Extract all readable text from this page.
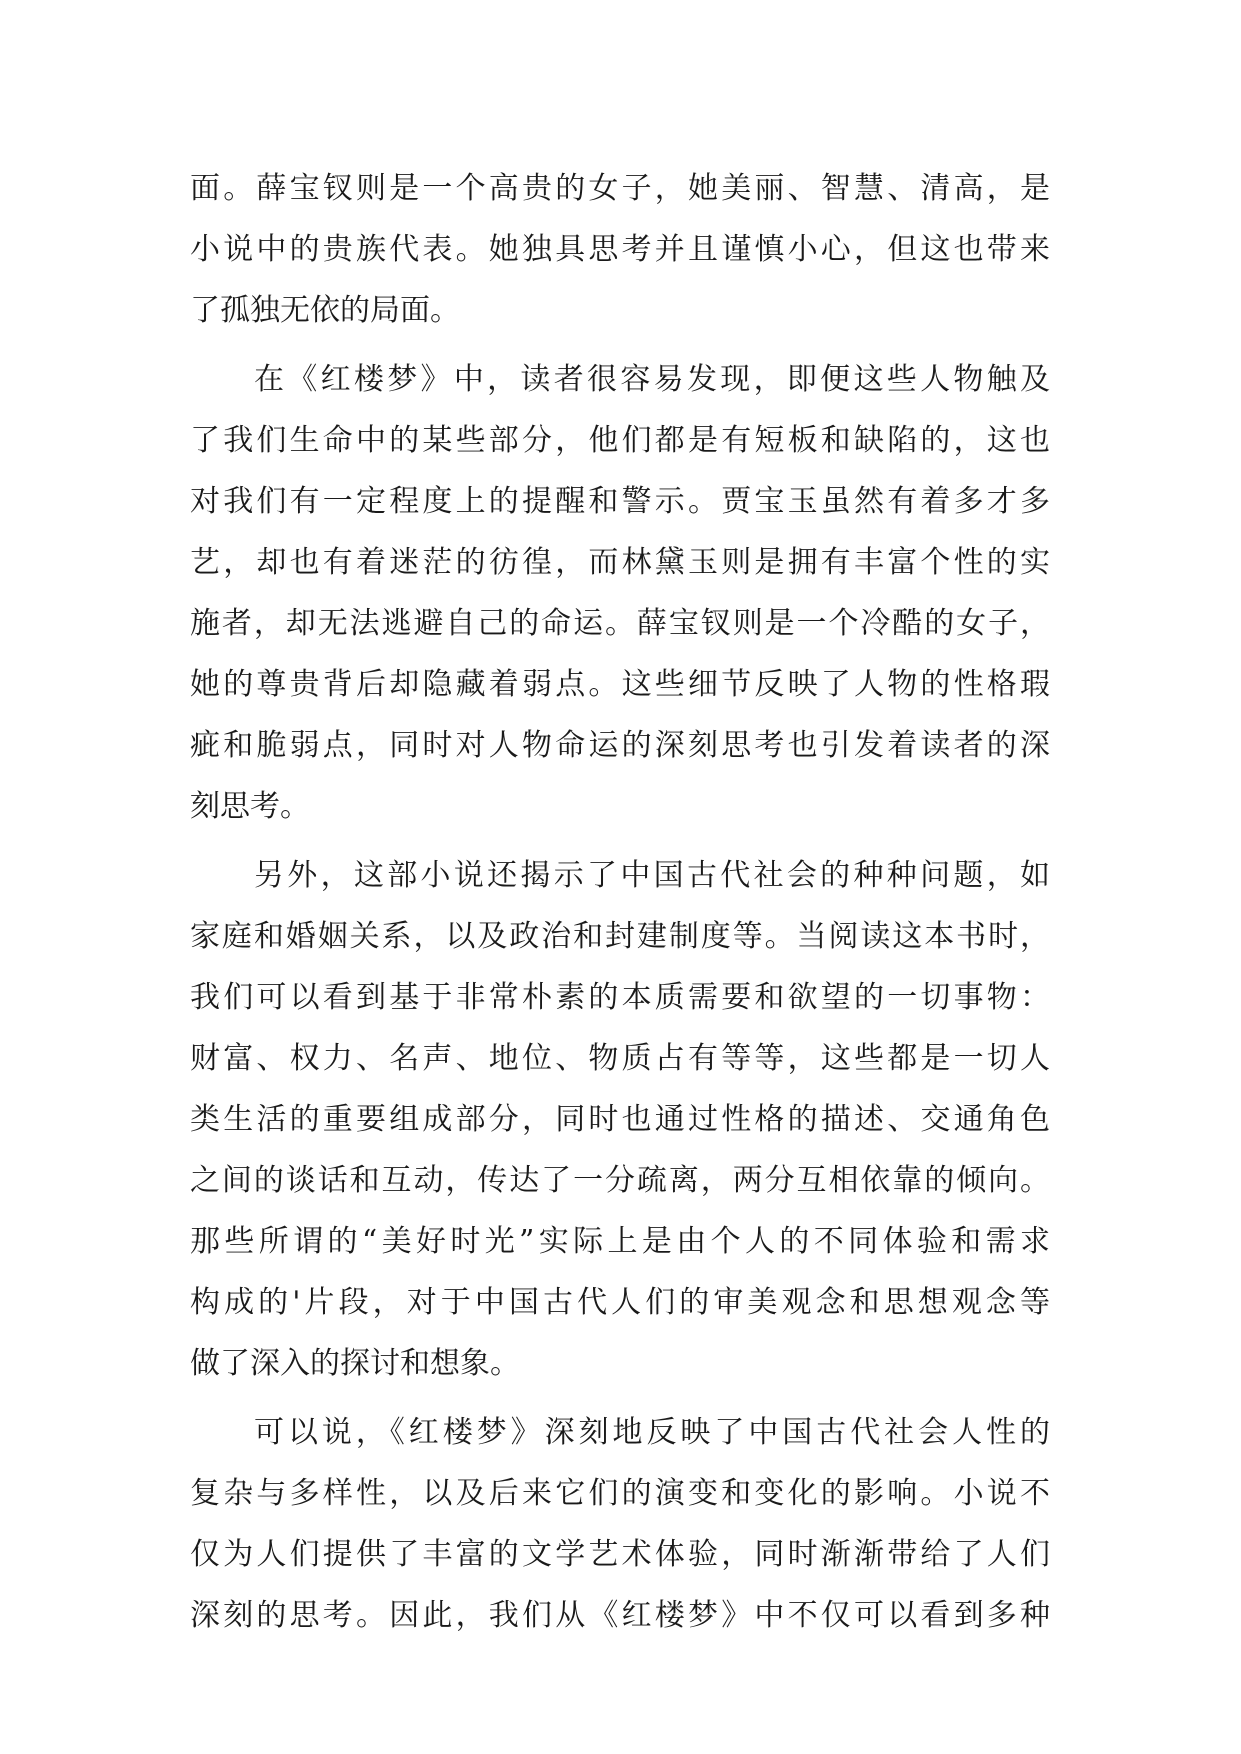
面。薛宝钗则是一个高贵的女子，她美丽、智慧、清高，是
小说中的贵族代表。她独具思考并且谨慎小心，但这也带来
了孤独无依的局面。
在《红楼梦》中，读者很容易发现，即便这些人物触及
了我们生命中的某些部分，他们都是有短板和缺陷的，这也
对我们有一定程度上的提醒和警示。贾宝玉虽然有着多才多
艺，却也有着迷茫的彷徨，而林黛玉则是拥有丰富个性的实
施者，却无法逃避自己的命运。薛宝钗则是一个冷酷的女子，
她的尊贵背后却隐藏着弱点。这些细节反映了人物的性格瑕
疵和脆弱点，同时对人物命运的深刻思考也引发着读者的深
刻思考。
另外，这部小说还揭示了中国古代社会的种种问题，如
家庭和婚姻关系，以及政治和封建制度等。当阅读这本书时，
我们可以看到基于非常朴素的本质需要和欲望的一切事物：
财富、权力、名声、地位、物质占有等等，这些都是一切人
类生活的重要组成部分，同时也通过性格的描述、交通角色
之间的谈话和互动，传达了一分疏离，两分互相依靠的倾向。
那些所谓的“美好时光”实际上是由个人的不同体验和需求
构成的'片段，对于中国古代人们的审美观念和思想观念等
做了深入的探讨和想象。
可以说，《红楼梦》深刻地反映了中国古代社会人性的
复杂与多样性，以及后来它们的演变和变化的影响。小说不
仅为人们提供了丰富的文学艺术体验，同时渐渐带给了人们
深刻的思考。因此，我们从《红楼梦》中不仅可以看到多种
